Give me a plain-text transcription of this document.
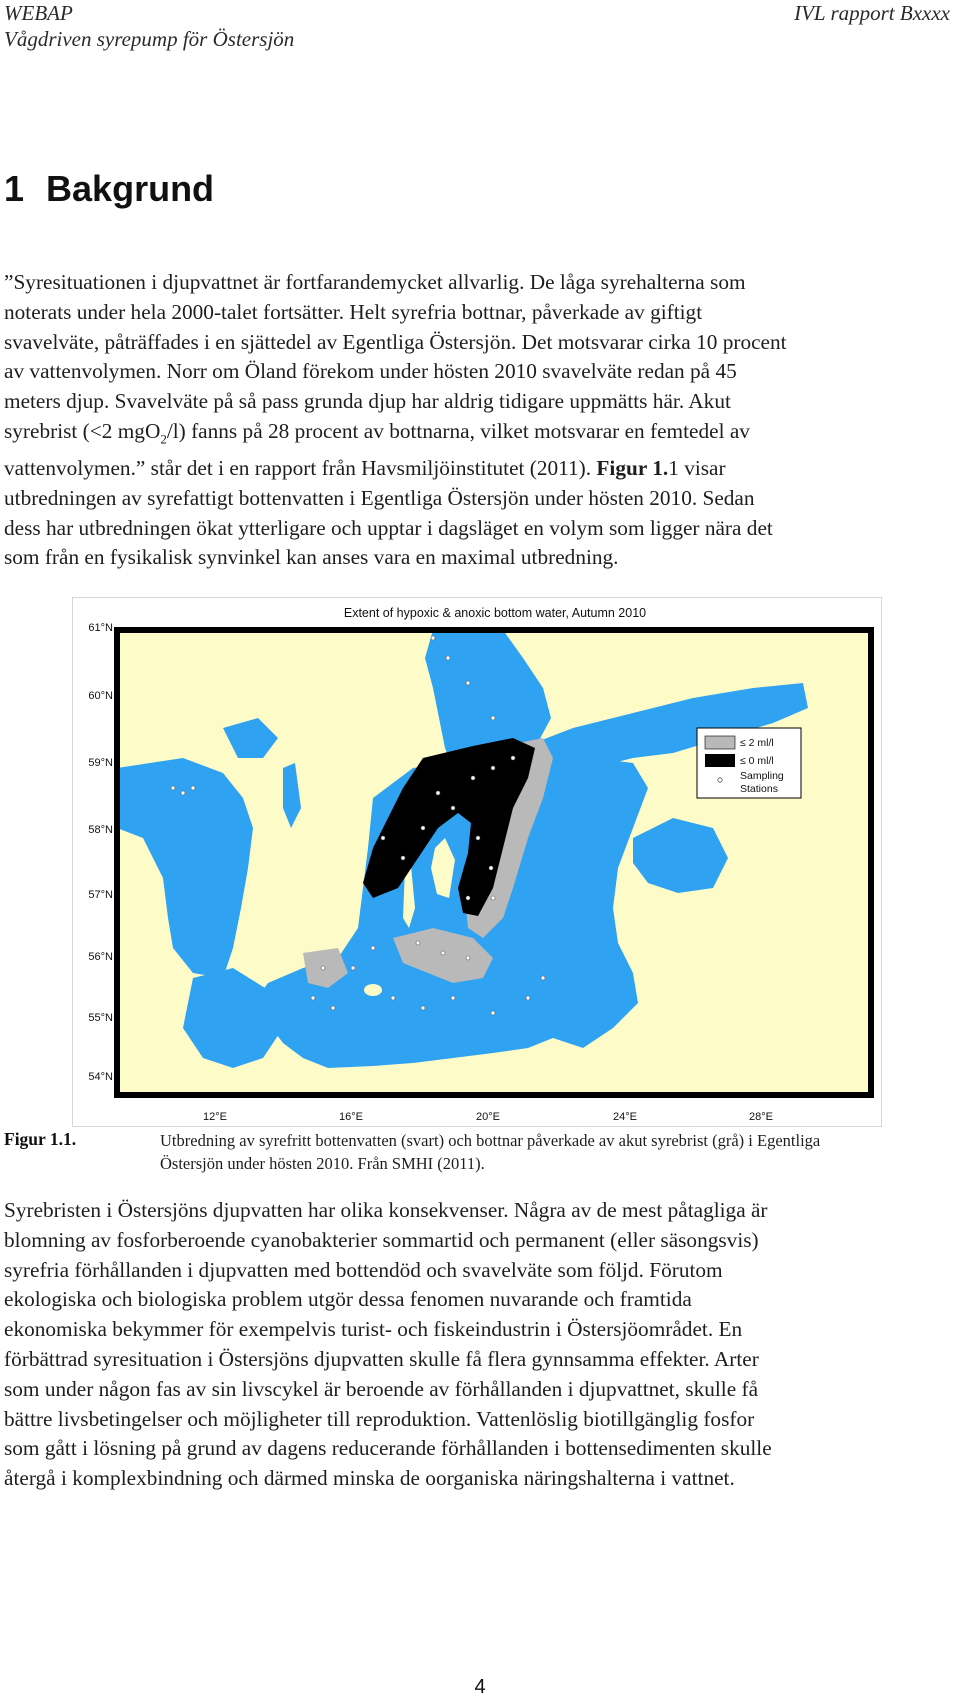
WEBAP
Vågdriven syrepump för Östersjön
IVL rapport Bxxxx
1 Bakgrund

”Syresituationen i djupvattnet är fortfarandemycket allvarlig. De låga syrehalterna som
noterats under hela 2000-talet fortsätter. Helt syrefria bottnar, påverkade av giftigt
svavelväte, påträffades i en sjättedel av Egentliga Östersjön. Det motsvarar cirka 10 procent
av vattenvolymen. Norr om Öland förekom under hösten 2010 svavelväte redan på 45
meters djup. Svavelväte på så pass grunda djup har aldrig tidigare uppmätts här. Akut
syrebrist (<2 mgO$_2$/l) fanns på 28 procent av bottnarna, vilket motsvarar en femtedel av
vattenvolymen.” står det i en rapport från Havsmiljöinstitutet (2011). Figur 1.1 visar
utbredningen av syrefattigt bottenvatten i Egentliga Östersjön under hösten 2010. Sedan
dess har utbredningen ökat ytterligare och upptar i dagsläget en volym som ligger nära det
som från en fysikalisk synvinkel kan anses vara en maximal utbredning.

Extent of hypoxic & anoxic bottom water, Autumn 2010
61°N
60°N
59°N
58°N
57°N
56°N
55°N
54°N
12°E	16°E	20°E	24°E	28°E
≤ 2 ml/l
≤ 0 ml/l
Sampling
Stations
Figur 1.1.	Utbredning av syrefritt bottenvatten (svart) och bottnar påverkade av akut syrebrist (grå) i Egentliga
Östersjön under hösten 2010. Från SMHI (2011).

Syrebristen i Östersjöns djupvatten har olika konsekvenser. Några av de mest påtagliga är
blomning av fosforberoende cyanobakterier sommartid och permanent (eller säsongsvis)
syrefria förhållanden i djupvatten med bottendöd och svavelväte som följd. Förutom
ekologiska och biologiska problem utgör dessa fenomen nuvarande och framtida
ekonomiska bekymmer för exempelvis turist- och fiskeindustrin i Östersjöområdet. En
förbättrad syresituation i Östersjöns djupvatten skulle få flera gynnsamma effekter. Arter
som under någon fas av sin livscykel är beroende av förhållanden i djupvattnet, skulle få
bättre livsbetingelser och möjligheter till reproduktion. Vattenlöslig biotillgänglig fosfor
som gått i lösning på grund av dagens reducerande förhållanden i bottensedimenten skulle
återgå i komplexbindning och därmed minska de oorganiska näringshalterna i vattnet.

4
